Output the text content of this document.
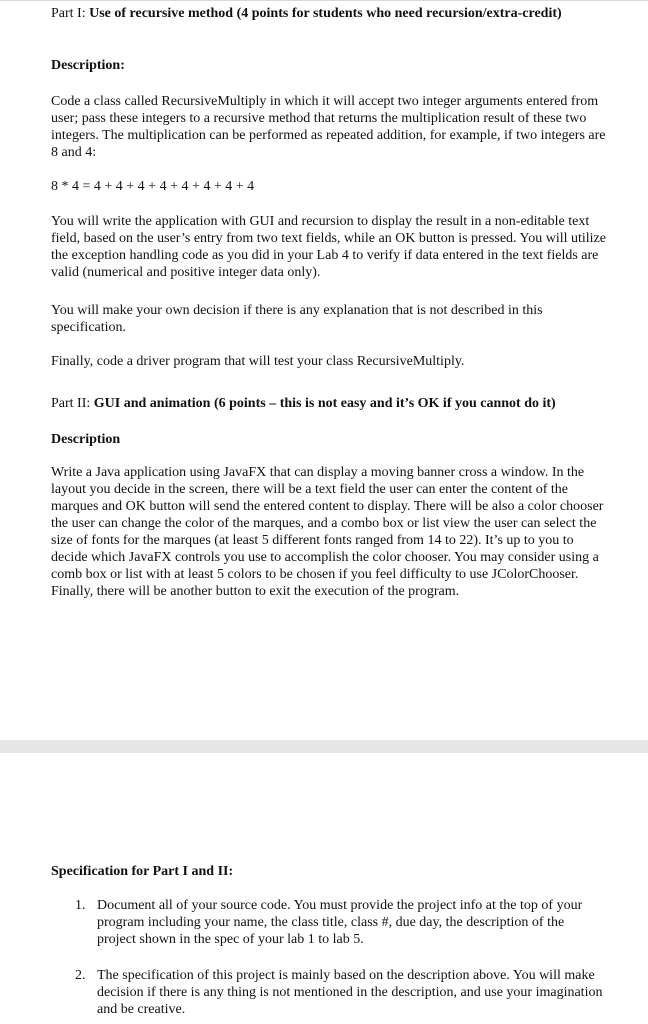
Part I: Use of recursive method (4 points for students who need recursion/extra-credit)

Description:

Code a class called RecursiveMultiply in which it will accept two integer arguments entered from user; pass these integers to a recursive method that returns the multiplication result of these two integers. The multiplication can be performed as repeated addition, for example, if two integers are 8 and 4:

8 * 4 = 4 + 4 + 4 + 4 + 4 + 4 + 4 + 4

You will write the application with GUI and recursion to display the result in a non-editable text field, based on the user’s entry from two text fields, while an OK button is pressed. You will utilize the exception handling code as you did in your Lab 4 to verify if data entered in the text fields are valid (numerical and positive integer data only).

You will make your own decision if there is any explanation that is not described in this specification.

Finally, code a driver program that will test your class RecursiveMultiply.

Part II: GUI and animation (6 points – this is not easy and it’s OK if you cannot do it)

Description

Write a Java application using JavaFX that can display a moving banner cross a window. In the layout you decide in the screen, there will be a text field the user can enter the content of the marques and OK button will send the entered content to display. There will be also a color chooser the user can change the color of the marques, and a combo box or list view the user can select the size of fonts for the marques (at least 5 different fonts ranged from 14 to 22). It’s up to you to decide which JavaFX controls you use to accomplish the color chooser. You may consider using a comb box or list with at least 5 colors to be chosen if you feel difficulty to use JColorChooser. Finally, there will be another button to exit the execution of the program.

Specification for Part I and II:

1. Document all of your source code. You must provide the project info at the top of your program including your name, the class title, class #, due day, the description of the project shown in the spec of your lab 1 to lab 5.
2. The specification of this project is mainly based on the description above. You will make decision if there is any thing is not mentioned in the description, and use your imagination and be creative.
